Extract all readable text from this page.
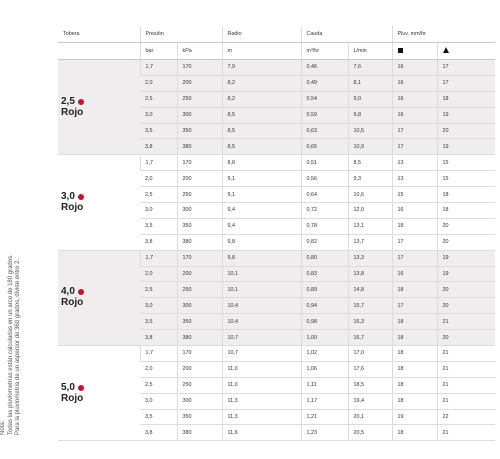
Nota: Todas las pluviometrías están calculadas en un arco de 180 grados. Para la pluviometría de un aspersor de 360 grados, divide entre 2.
Tobera	Presión		Radio	Cauda		Pluv. mm/hr	
	bar	kPa	m	m³/hr	L/min		

2,5
Rojo	1,7	170	7,9	0,46	7,6	16	17
	2,0	200	8,2	0,49	8,1	16	17
	2,5	250	8,2	0,54	9,0	16	18
	3,0	300	8,5	0,59	9,8	16	19
	3,5	350	8,5	0,63	10,5	17	20
	3,8	380	8,5	0,65	10,9	17	19

3,0
Rojo	1,7	170	8,8	0,51	8,5	13	15
	2,0	200	9,1	0,56	9,3	13	15
	2,5	250	9,1	0,64	10,6	15	18
	3,0	300	9,4	0,72	12,0	16	18
	3,5	350	9,4	0,78	13,1	18	20
	3,8	380	9,8	0,82	13,7	17	20

4,0
Rojo	1,7	170	9,8	0,80	13,3	17	19
	2,0	200	10,1	0,83	13,8	16	19
	2,5	250	10,1	0,89	14,8	18	20
	3,0	300	10,4	0,94	15,7	17	20
	3,5	350	10,4	0,98	16,3	18	21
	3,8	380	10,7	1,00	16,7	18	20

5,0
Rojo	1,7	170	10,7	1,02	17,0	18	21
	2,0	200	11,0	1,06	17,6	18	21
	2,5	250	11,0	1,11	18,5	18	21
	3,0	300	11,3	1,17	19,4	18	21
	3,5	350	11,3	1,21	20,1	19	22
	3,8	380	11,6	1,23	20,5	18	21
